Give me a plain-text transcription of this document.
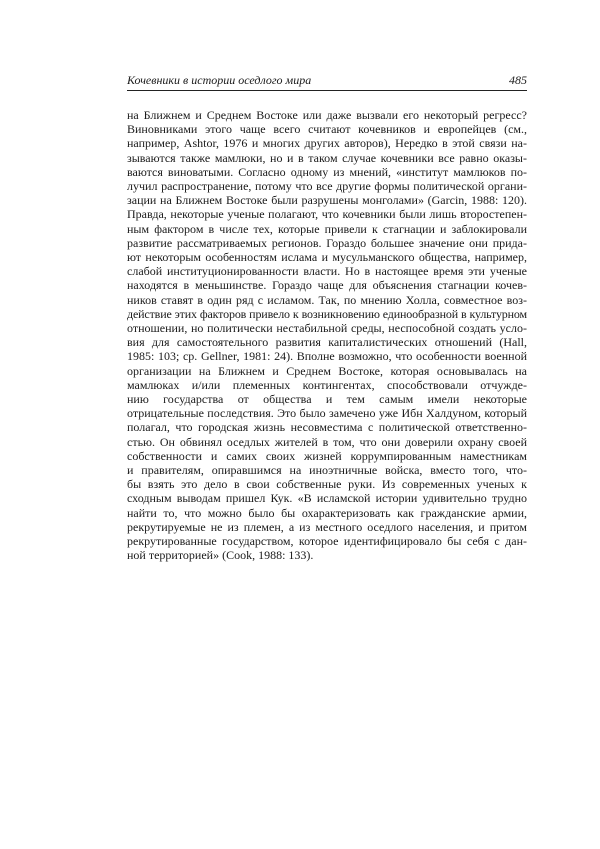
Кочевники в истории оседлого мира	485
на Ближнем и Среднем Востоке или даже вызвали его некоторый регресс?
Виновниками этого чаще всего считают кочевников и европейцев (см.,
например, Ashtor, 1976 и многих других авторов), Нередко в этой связи на-
зываются также мамлюки, но и в таком случае кочевники все равно оказы-
ваются виноватыми. Согласно одному из мнений, «институт мамлюков по-
лучил распространение, потому что все другие формы политической органи-
зации на Ближнем Востоке были разрушены монголами» (Garcin, 1988: 120).
Правда, некоторые ученые полагают, что кочевники были лишь второстепен-
ным фактором в числе тех, которые привели к стагнации и заблокировали
развитие рассматриваемых регионов. Гораздо большее значение они прида-
ют некоторым особенностям ислама и мусульманского общества, например,
слабой институционированности власти. Но в настоящее время эти ученые
находятся в меньшинстве. Гораздо чаще для объяснения стагнации кочев-
ников ставят в один ряд с исламом. Так, по мнению Холла, совместное воз-
действие этих факторов привело к возникновению единообразной в культурном
отношении, но политически нестабильной среды, неспособной создать усло-
вия для самостоятельного развития капиталистических отношений (Hall,
1985: 103; cp. Gellner, 1981: 24). Вполне возможно, что особенности военной
организации на Ближнем и Среднем Востоке, которая основывалась на
мамлюках и/или племенных контингентах, способствовали отчужде-
нию государства от общества и тем самым имели некоторые
отрицательные последствия. Это было замечено уже Ибн Халдуном, который
полагал, что городская жизнь несовместима с политической ответственно-
стью. Он обвинял оседлых жителей в том, что они доверили охрану своей
собственности и самих своих жизней коррумпированным наместникам
и правителям, опиравшимся на иноэтничные войска, вместо того, что-
бы взять это дело в свои собственные руки. Из современных ученых к
сходным выводам пришел Кук. «В исламской истории удивительно трудно
найти то, что можно было бы охарактеризовать как гражданские армии,
рекрутируемые не из племен, а из местного оседлого населения, и притом
рекрутированные государством, которое идентифицировало бы себя с дан-
ной территорией» (Cook, 1988: 133).
